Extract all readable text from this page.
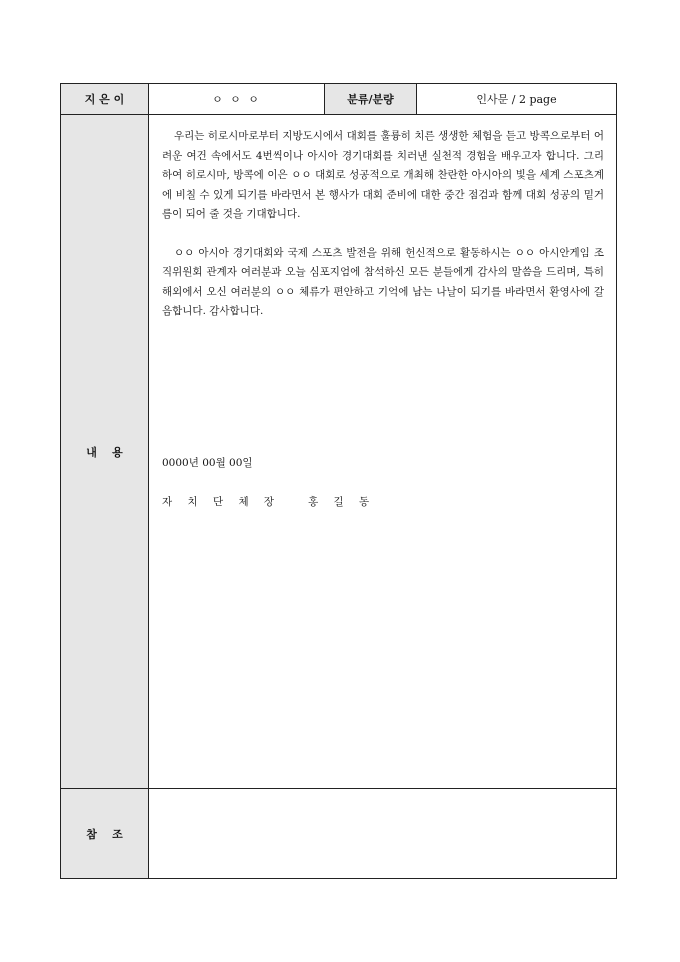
지 은 이	ㅇ ㅇ ㅇ	분류/분량	인사문 / 2 page
내    용

우리는 히로시마로부터 지방도시에서 대회를 훌륭히 치른 생생한 체험을 듣고 방콕으로부터 어려운 여건 속에서도 4번씩이나 아시아 경기대회를 치러낸 실천적 경험을 배우고자 합니다. 그리하여 히로시마, 방콕에 이은 ㅇㅇ 대회로 성공적으로 개최해 찬란한 아시아의 빛을 세계 스포츠계에 비칠 수 있게 되기를 바라면서 본 행사가 대회 준비에 대한 중간 점검과 함께 대회 성공의 밑거름이 되어 줄 것을 기대합니다.

ㅇㅇ 아시아 경기대회와 국제 스포츠 발전을 위해 헌신적으로 활동하시는 ㅇㅇ 아시안게임 조직위원회 관계자 여러분과 오늘 심포지엄에 참석하신 모든 분들에게 감사의 말씀을 드리며, 특히 해외에서 오신 여러분의 ㅇㅇ 체류가 편안하고 기억에 남는 나날이 되기를 바라면서 환영사에 갈음합니다. 감사합니다.

0000년 00월 00일
자 치 단 체 장   홍 길 동
참    조
